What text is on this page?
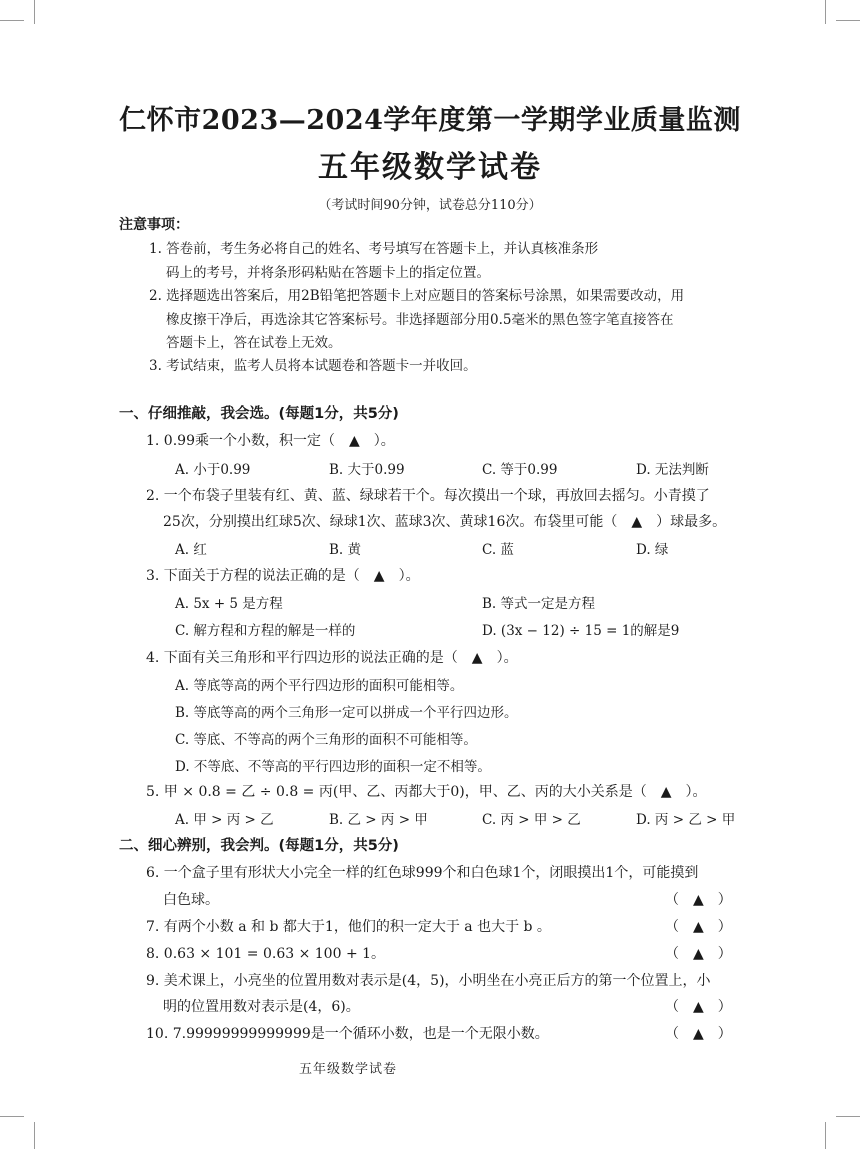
仁怀市2023—2024学年度第一学期学业质量监测
五年级数学试卷
（考试时间90分钟，试卷总分110分）
注意事项：
1. 答卷前，考生务必将自己的姓名、考号填写在答题卡上，并认真核准条形
码上的考号，并将条形码粘贴在答题卡上的指定位置。
2. 选择题选出答案后，用2B铅笔把答题卡上对应题目的答案标号涂黑，如果需要改动，用
橡皮擦干净后，再选涂其它答案标号。非选择题部分用0.5毫米的黑色签字笔直接答在
答题卡上，答在试卷上无效。
3. 考试结束，监考人员将本试题卷和答题卡一并收回。
一、仔细推敲，我会选。(每题1分，共5分)
1. 0.99乘一个小数，积一定（　▲　）。
A. 小于0.99	B. 大于0.99	C. 等于0.99	D. 无法判断
2. 一个布袋子里装有红、黄、蓝、绿球若干个。每次摸出一个球，再放回去摇匀。小青摸了
25次，分别摸出红球5次、绿球1次、蓝球3次、黄球16次。布袋里可能（　▲　）球最多。
A. 红	B. 黄	C. 蓝	D. 绿
3. 下面关于方程的说法正确的是（　▲　）。
A. 5x + 5 是方程	B. 等式一定是方程
C. 解方程和方程的解是一样的	D. (3x − 12) ÷ 15 = 1的解是9
4. 下面有关三角形和平行四边形的说法正确的是（　▲　）。
A. 等底等高的两个平行四边形的面积可能相等。
B. 等底等高的两个三角形一定可以拼成一个平行四边形。
C. 等底、不等高的两个三角形的面积不可能相等。
D. 不等底、不等高的平行四边形的面积一定不相等。
5. 甲 × 0.8 = 乙 ÷ 0.8 = 丙(甲、乙、丙都大于0)，甲、乙、丙的大小关系是（　▲　）。
A. 甲 > 丙 > 乙	B. 乙 > 丙 > 甲	C. 丙 > 甲 > 乙	D. 丙 > 乙 > 甲
二、细心辨别，我会判。(每题1分，共5分)
6. 一个盒子里有形状大小完全一样的红色球999个和白色球1个，闭眼摸出1个，可能摸到
白色球。	（　▲　）
7. 有两个小数 a 和 b 都大于1，他们的积一定大于 a 也大于 b 。	（　▲　）
8. 0.63 × 101 = 0.63 × 100 + 1。	（　▲　）
9. 美术课上，小亮坐的位置用数对表示是(4，5)，小明坐在小亮正后方的第一个位置上，小
明的位置用数对表示是(4，6)。	（　▲　）
10. 7.99999999999999是一个循环小数，也是一个无限小数。	（　▲　）
五年级数学试卷
